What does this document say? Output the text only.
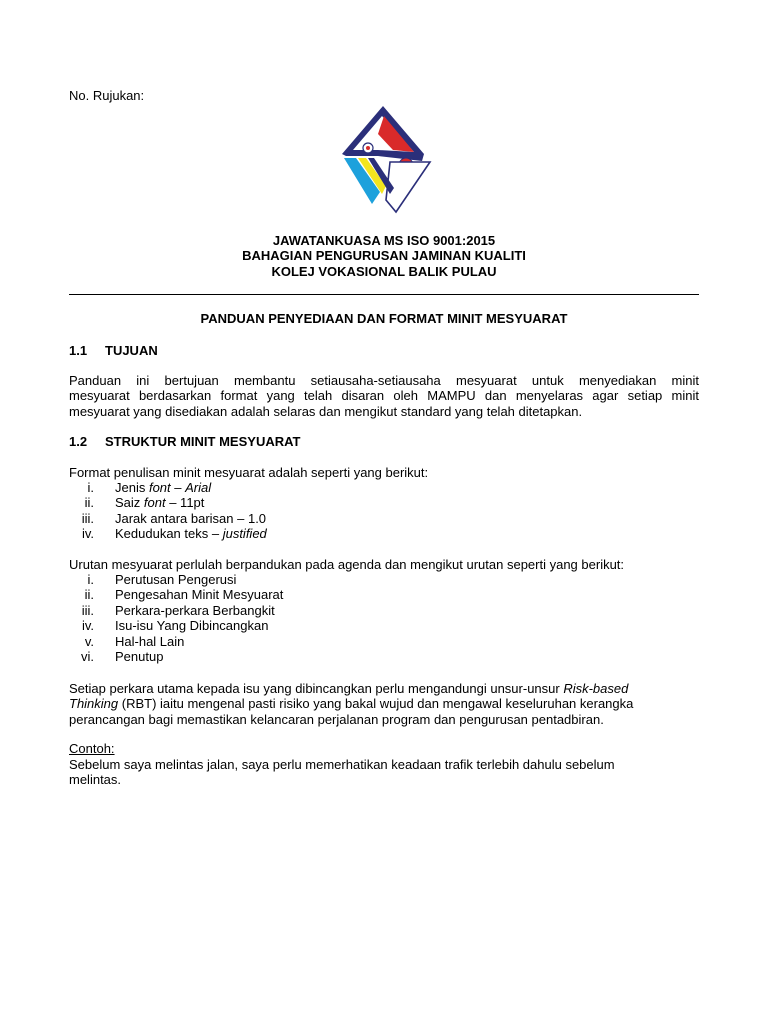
No. Rujukan:

JAWATANKUASA MS ISO 9001:2015
BAHAGIAN PENGURUSAN JAMINAN KUALITI
KOLEJ VOKASIONAL BALIK PULAU
PANDUAN PENYEDIAAN DAN FORMAT MINIT MESYUARAT
1.1 TUJUAN
Panduan ini bertujuan membantu setiausaha-setiausaha mesyuarat untuk menyediakan minit
mesyuarat berdasarkan format yang telah disaran oleh MAMPU dan menyelaras agar setiap minit
mesyuarat yang disediakan adalah selaras dan mengikut standard yang telah ditetapkan.
1.2 STRUKTUR MINIT MESYUARAT

Format penulisan minit mesyuarat adalah seperti yang berikut:

i. Jenis font – Arial
ii. Saiz font – 11pt
iii. Jarak antara barisan – 1.0
iv. Kedudukan teks – justified

Urutan mesyuarat perlulah berpandukan pada agenda dan mengikut urutan seperti yang berikut:

i. Perutusan Pengerusi
ii. Pengesahan Minit Mesyuarat
iii. Perkara-perkara Berbangkit
iv. Isu-isu Yang Dibincangkan
v. Hal-hal Lain
vi. Penutup
Setiap perkara utama kepada isu yang dibincangkan perlu mengandungi unsur-unsur Risk-based
Thinking (RBT) iaitu mengenal pasti risiko yang bakal wujud dan mengawal keseluruhan kerangka
perancangan bagi memastikan kelancaran perjalanan program dan pengurusan pentadbiran.

Contoh:

Sebelum saya melintas jalan, saya perlu memerhatikan keadaan trafik terlebih dahulu sebelum
melintas.
